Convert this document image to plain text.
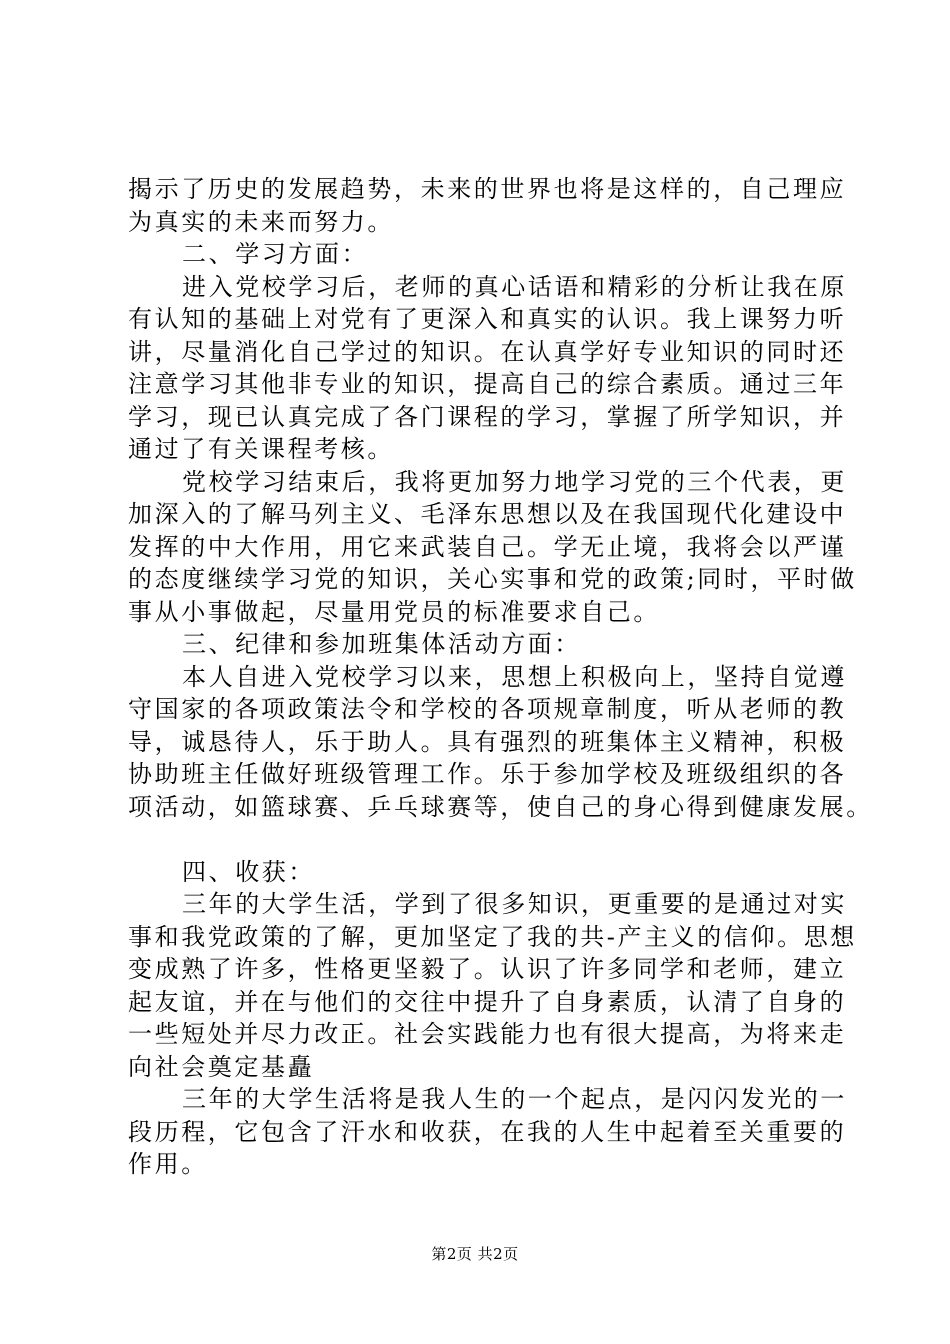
揭示了历史的发展趋势，未来的世界也将是这样的，自己理应
为真实的未来而努力。
二、学习方面：
进入党校学习后，老师的真心话语和精彩的分析让我在原
有认知的基础上对党有了更深入和真实的认识。我上课努力听
讲，尽量消化自己学过的知识。在认真学好专业知识的同时还
注意学习其他非专业的知识，提高自己的综合素质。通过三年
学习，现已认真完成了各门课程的学习，掌握了所学知识，并
通过了有关课程考核。
党校学习结束后，我将更加努力地学习党的三个代表，更
加深入的了解马列主义、毛泽东思想以及在我国现代化建设中
发挥的中大作用，用它来武装自己。学无止境，我将会以严谨
的态度继续学习党的知识，关心实事和党的政策;同时，平时做
事从小事做起，尽量用党员的标准要求自己。
三、纪律和参加班集体活动方面：
本人自进入党校学习以来，思想上积极向上，坚持自觉遵
守国家的各项政策法令和学校的各项规章制度，听从老师的教
导，诚恳待人，乐于助人。具有强烈的班集体主义精神，积极
协助班主任做好班级管理工作。乐于参加学校及班级组织的各
项活动，如篮球赛、乒乓球赛等，使自己的身心得到健康发展。
四、收获：
三年的大学生活，学到了很多知识，更重要的是通过对实
事和我党政策的了解，更加坚定了我的共-产主义的信仰。思想
变成熟了许多，性格更坚毅了。认识了许多同学和老师，建立
起友谊，并在与他们的交往中提升了自身素质，认清了自身的
一些短处并尽力改正。社会实践能力也有很大提高，为将来走
向社会奠定基矗
三年的大学生活将是我人生的一个起点，是闪闪发光的一
段历程，它包含了汗水和收获，在我的人生中起着至关重要的
作用。
第2页 共2页
